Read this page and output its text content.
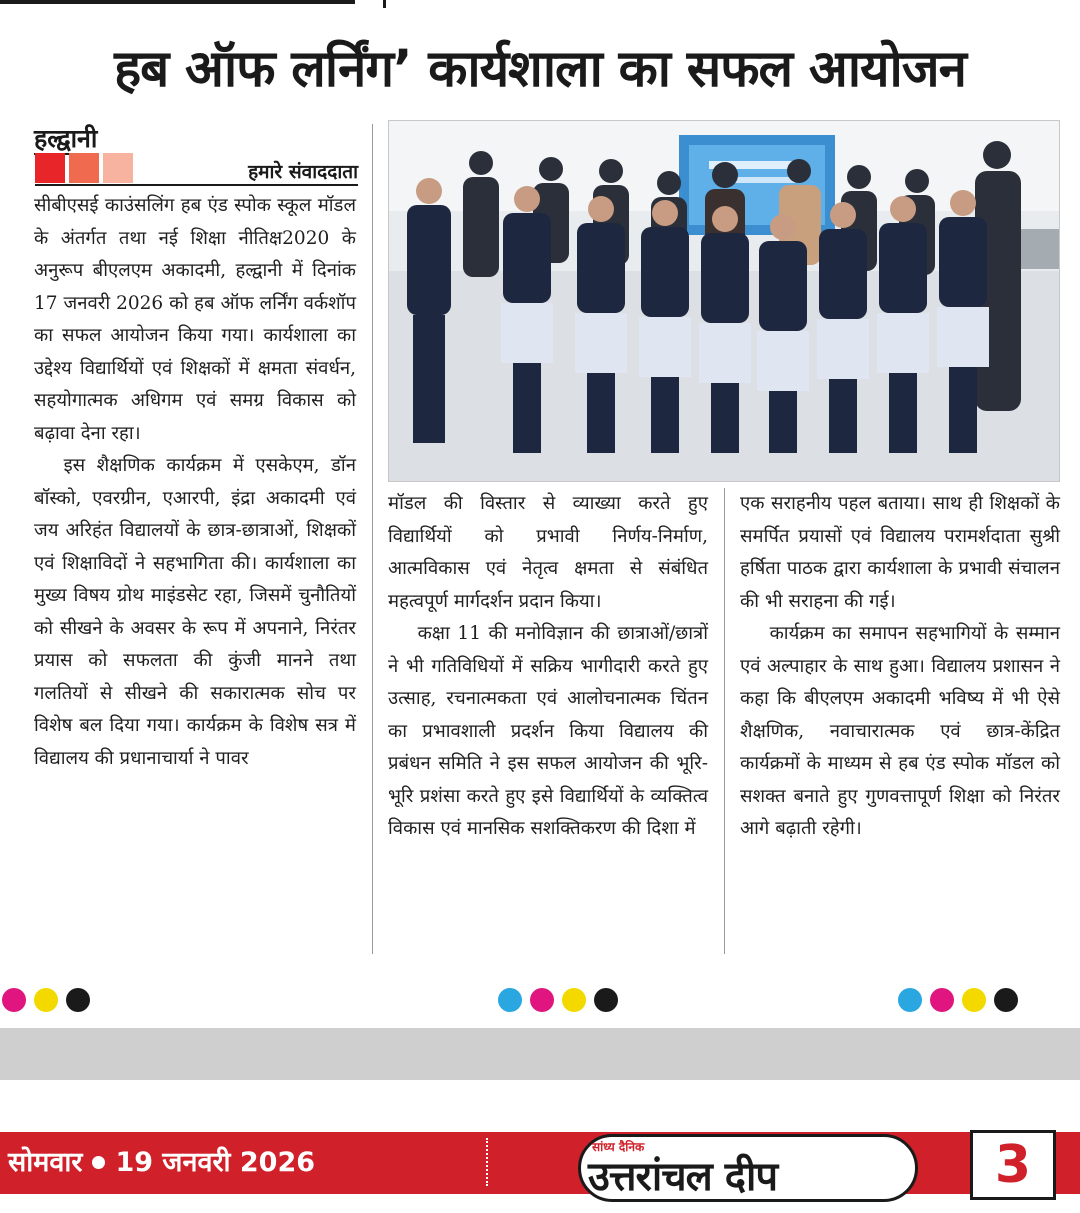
हब ऑफ लर्निंग’ कार्यशाला का सफल आयोजन
हल्द्वानी
हमारे संवाददाता

सीबीएसई काउंसलिंग हब एंड स्पोक स्कूल मॉडल के अंतर्गत तथा नई शिक्षा नीतिक्ष2020 के अनुरूप बीएलएम अकादमी, हल्द्वानी में दिनांक 17 जनवरी 2026 को हब ऑफ लर्निंग वर्कशॉप का सफल आयोजन किया गया। कार्यशाला का उद्देश्य विद्यार्थियों एवं शिक्षकों में क्षमता संवर्धन, सहयोगात्मक अधिगम एवं समग्र विकास को बढ़ावा देना रहा।

इस शैक्षणिक कार्यक्रम में एसकेएम, डॉन बॉस्को, एवरग्रीन, एआरपी, इंद्रा अकादमी एवं जय अरिहंत विद्यालयों के छात्र-छात्राओं, शिक्षकों एवं शिक्षाविदों ने सहभागिता की। कार्यशाला का मुख्य विषय ग्रोथ माइंडसेट रहा, जिसमें चुनौतियों को सीखने के अवसर के रूप में अपनाने, निरंतर प्रयास को सफलता की कुंजी मानने तथा गलतियों से सीखने की सकारात्मक सोच पर विशेष बल दिया गया। कार्यक्रम के विशेष सत्र में विद्यालय की प्रधानाचार्या ने पावर

मॉडल की विस्तार से व्याख्या करते हुए विद्यार्थियों को प्रभावी निर्णय-निर्माण, आत्मविकास एवं नेतृत्व क्षमता से संबंधित महत्वपूर्ण मार्गदर्शन प्रदान किया।

कक्षा 11 की मनोविज्ञान की छात्राओं/छात्रों ने भी गतिविधियों में सक्रिय भागीदारी करते हुए उत्साह, रचनात्मकता एवं आलोचनात्मक चिंतन का प्रभावशाली प्रदर्शन किया विद्यालय की प्रबंधन समिति ने इस सफल आयोजन की भूरि-भूरि प्रशंसा करते हुए इसे विद्यार्थियों के व्यक्तित्व विकास एवं मानसिक सशक्तिकरण की दिशा में

एक सराहनीय पहल बताया। साथ ही शिक्षकों के समर्पित प्रयासों एवं विद्यालय परामर्शदाता सुश्री हर्षिता पाठक द्वारा कार्यशाला के प्रभावी संचालन की भी सराहना की गई।

कार्यक्रम का समापन सहभागियों के सम्मान एवं अल्पाहार के साथ हुआ। विद्यालय प्रशासन ने कहा कि बीएलएम अकादमी भविष्य में भी ऐसे शैक्षणिक, नवाचारात्मक एवं छात्र-केंद्रित कार्यक्रमों के माध्यम से हब एंड स्पोक मॉडल को सशक्त बनाते हुए गुणवत्तापूर्ण शिक्षा को निरंतर आगे बढ़ाती रहेगी।

सोमवार 19 जनवरी 2026	सांध्य दैनिक
उत्तरांचल दीप	3
